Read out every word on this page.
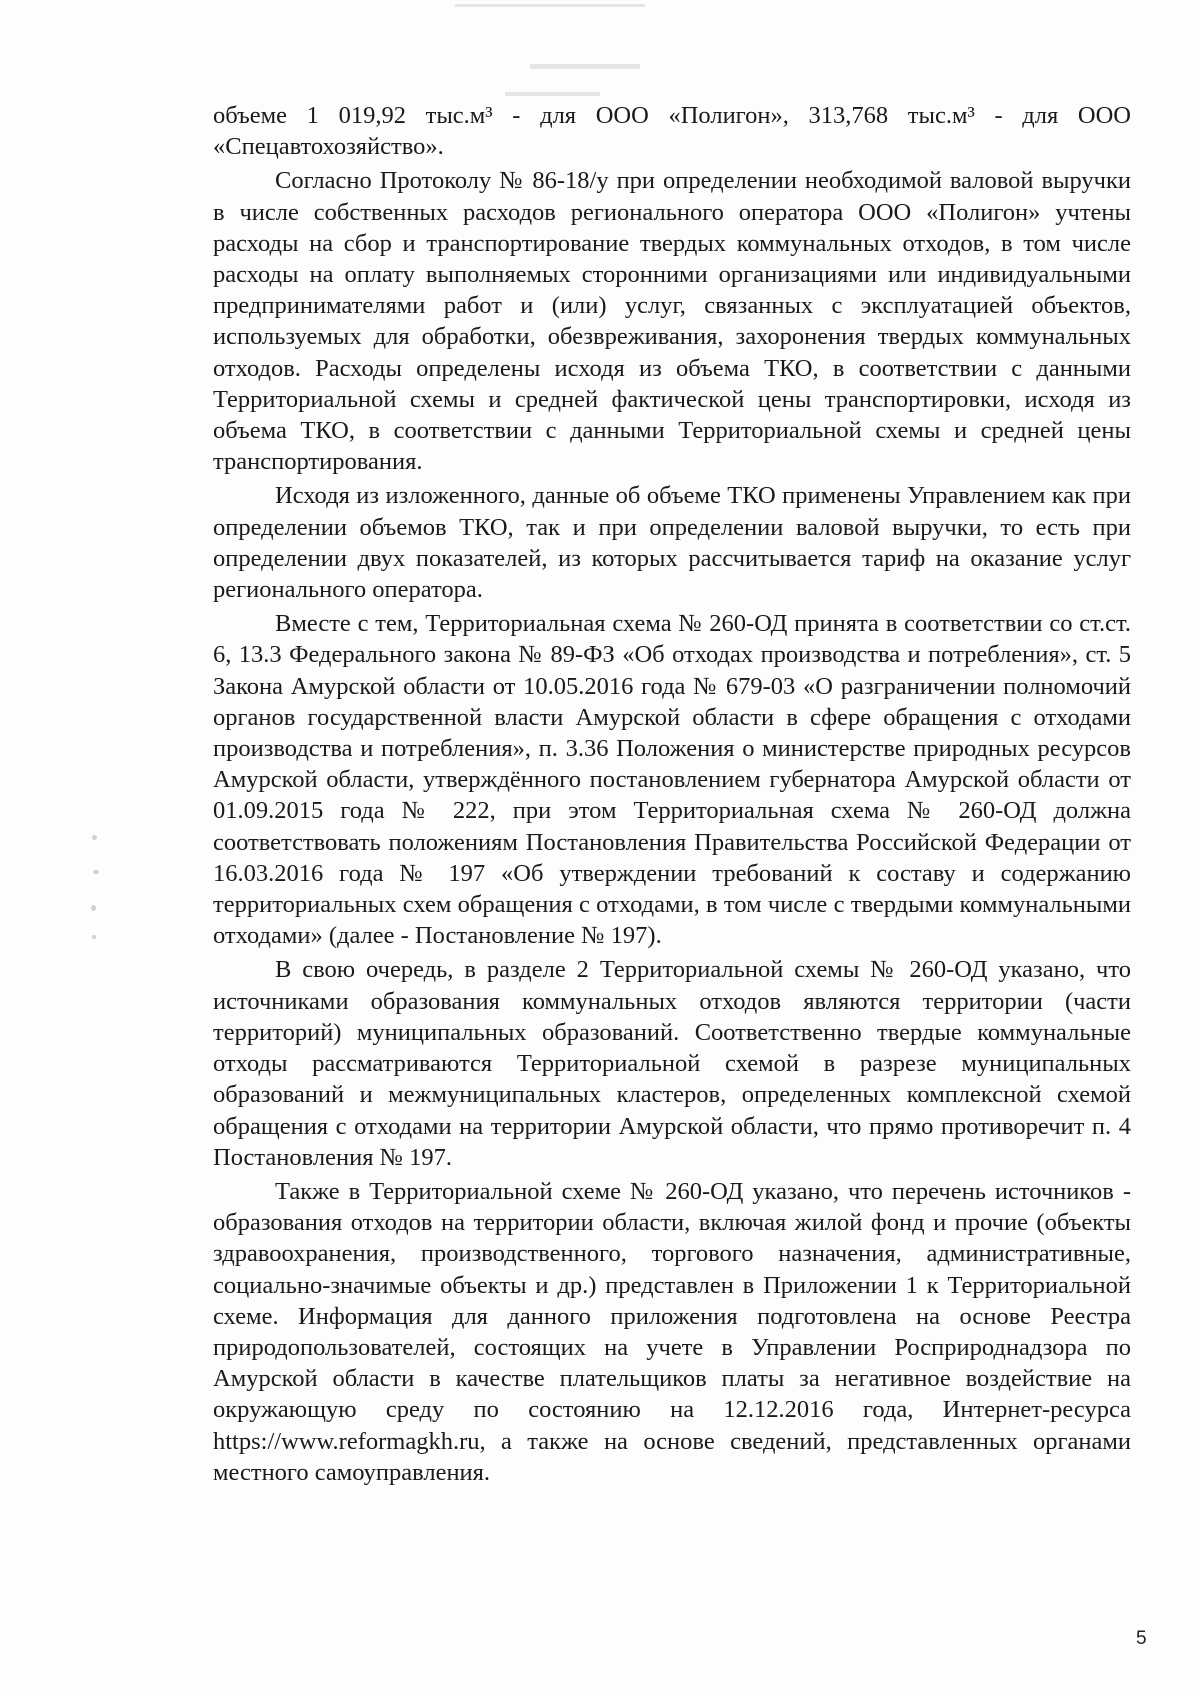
объеме 1 019,92 тыс.м³ - для ООО «Полигон», 313,768 тыс.м³ - для ООО «Спецавтохозяйство».

Согласно Протоколу № 86-18/у при определении необходимой валовой выручки в числе собственных расходов регионального оператора ООО «Полигон» учтены расходы на сбор и транспортирование твердых коммунальных отходов, в том числе расходы на оплату выполняемых сторонними организациями или индивидуальными предпринимателями работ и (или) услуг, связанных с эксплуатацией объектов, используемых для обработки, обезвреживания, захоронения твердых коммунальных отходов. Расходы определены исходя из объема ТКО, в соответствии с данными Территориальной схемы и средней фактической цены транспортировки, исходя из объема ТКО, в соответствии с данными Территориальной схемы и средней цены транспортирования.

Исходя из изложенного, данные об объеме ТКО применены Управлением как при определении объемов ТКО, так и при определении валовой выручки, то есть при определении двух показателей, из которых рассчитывается тариф на оказание услуг регионального оператора.

Вместе с тем, Территориальная схема № 260-ОД принята в соответствии со ст.ст. 6, 13.3 Федерального закона № 89-ФЗ «Об отходах производства и потребления», ст. 5 Закона Амурской области от 10.05.2016 года № 679-03 «О разграничении полномочий органов государственной власти Амурской области в сфере обращения с отходами производства и потребления», п. 3.36 Положения о министерстве природных ресурсов Амурской области, утверждённого постановлением губернатора Амурской области от 01.09.2015 года № 222, при этом Территориальная схема № 260-ОД должна соответствовать положениям Постановления Правительства Российской Федерации от 16.03.2016 года № 197 «Об утверждении требований к составу и содержанию территориальных схем обращения с отходами, в том числе с твердыми коммунальными отходами» (далее - Постановление № 197).

В свою очередь, в разделе 2 Территориальной схемы № 260-ОД указано, что источниками образования коммунальных отходов являются территории (части территорий) муниципальных образований. Соответственно твердые коммунальные отходы рассматриваются Территориальной схемой в разрезе муниципальных образований и межмуниципальных кластеров, определенных комплексной схемой обращения с отходами на территории Амурской области, что прямо противоречит п. 4 Постановления № 197.

Также в Территориальной схеме № 260-ОД указано, что перечень источников - образования отходов на территории области, включая жилой фонд и прочие (объекты здравоохранения, производственного, торгового назначения, административные, социально-значимые объекты и др.) представлен в Приложении 1 к Территориальной схеме. Информация для данного приложения подготовлена на основе Реестра природопользователей, состоящих на учете в Управлении Росприроднадзора по Амурской области в качестве плательщиков платы за негативное воздействие на окружающую среду по состоянию на 12.12.2016 года, Интернет-ресурса https://www.reformagkh.ru, а также на основе сведений, представленных органами местного самоуправления.

5
